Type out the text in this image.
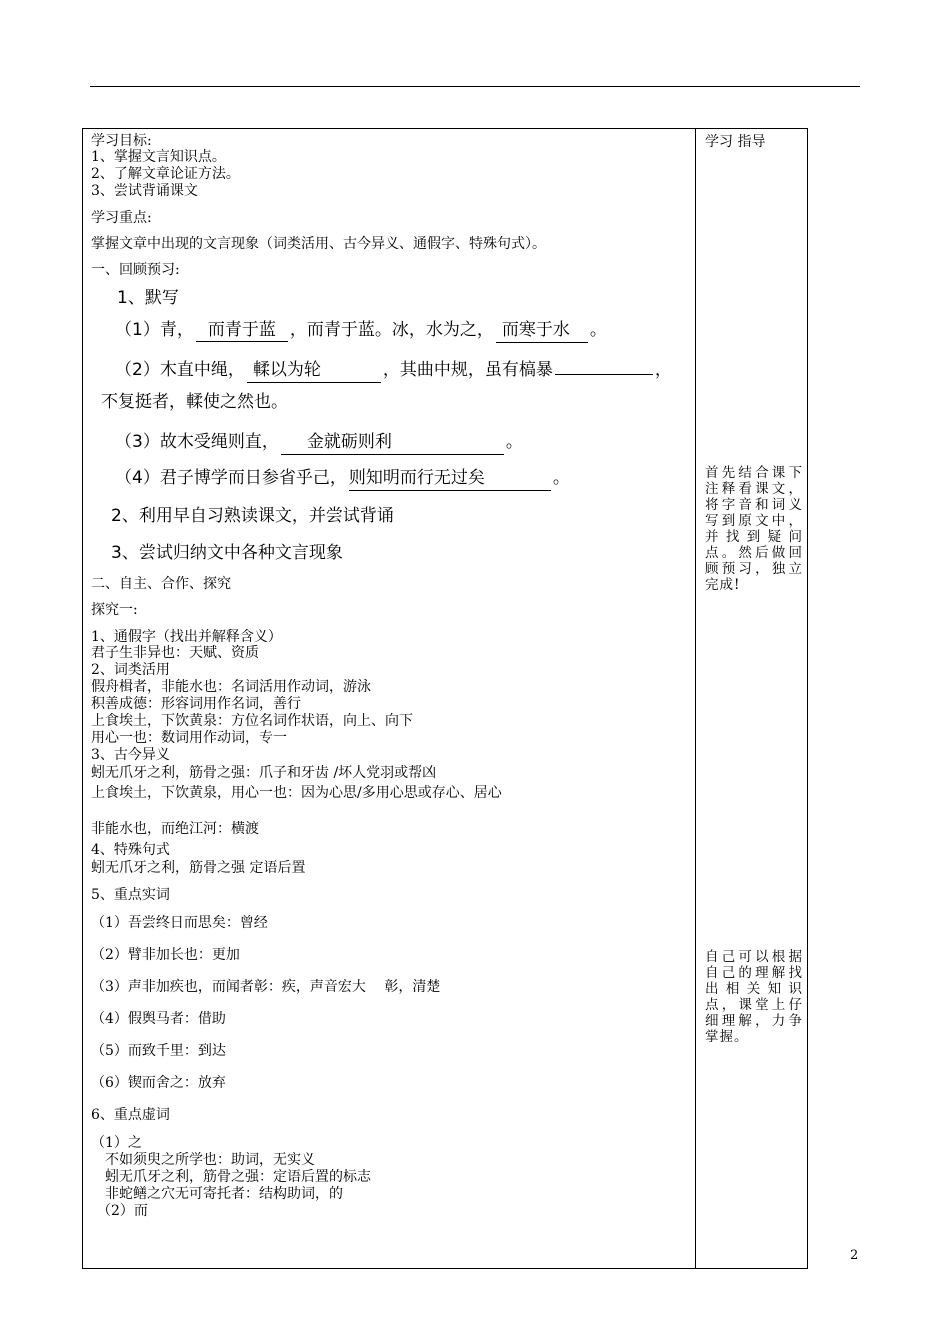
学习目标:
1、掌握文言知识点。
2、了解文章论证方法。
3、尝试背诵课文
学习重点:
掌握文章中出现的文言现象（词类活用、古今异义、通假字、特殊句式）。
一、回顾预习:
1、默写
（1）青， 而青于蓝 ，而青于蓝。冰，水为之， 而寒于水 。
（2）木直中绳， 輮以为轮	，其曲中规，虽有槁暴	，
不复挺者，輮使之然也。
（3）故木受绳则直， 金就砺则利	。
（4）君子博学而日参省乎己， 则知明而行无过矣	。
2、利用早自习熟读课文，并尝试背诵
3、尝试归纳文中各种文言现象
二、自主、合作、探究
探究一:
1、通假字（找出并解释含义）
君子生非异也：天赋、资质
2、词类活用
假舟楫者，非能水也：名词活用作动词，游泳
积善成德：形容词用作名词，善行
上食埃土，下饮黄泉：方位名词作状语，向上、向下
用心一也：数词用作动词，专一
3、古今异义
蚓无爪牙之利，筋骨之强：爪子和牙齿 /坏人党羽或帮凶
上食埃土，下饮黄泉，用心一也：因为心思/多用心思或存心、居心
非能水也，而绝江河：横渡
4、特殊句式
蚓无爪牙之利，筋骨之强 定语后置
5、重点实词
（1）吾尝终日而思矣：曾经
（2）臂非加长也：更加
（3）声非加疾也，而闻者彰：疾，声音宏大　 彰，清楚
（4）假舆马者：借助
（5）而致千里：到达
（6）锲而舍之：放弃
6、重点虚词
（1）之
不如须臾之所学也：助词，无实义
蚓无爪牙之利，筋骨之强：定语后置的标志
非蛇鳝之穴无可寄托者：结构助词，的
（2）而
学习 指导
首先结合课下注释看课文，将字音和词义写到原文中，并找到疑问点。然后做回顾预习，独立完成!
自己可以根据自己的理解找出相关知识点，课堂上仔细理解，力争掌握。
2
